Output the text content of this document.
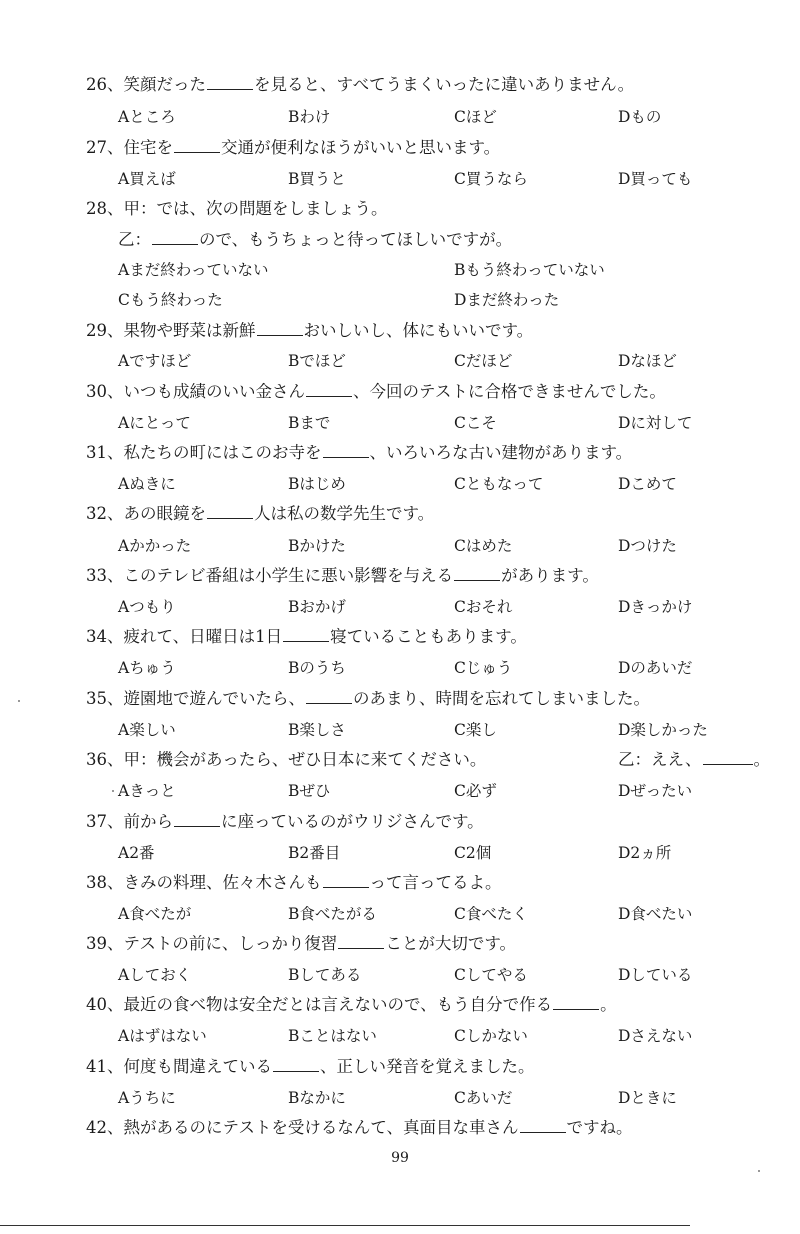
26、笑顔だった	を見ると、すべてうまくいったに違いありません。
Aところ	Bわけ	Cほど	Dもの
27、住宅を	交通が便利なほうがいいと思います。
A買えば	B買うと	C買うなら	D買っても
28、甲：では、次の問題をしましょう。
乙：	ので、もうちょっと待ってほしいですが。
Aまだ終わっていない	Bもう終わっていない
Cもう終わった	Dまだ終わった
29、果物や野菜は新鮮	おいしいし、体にもいいです。
Aですほど	Bでほど	Cだほど	Dなほど
30、いつも成績のいい金さん	、今回のテストに合格できませんでした。
Aにとって	Bまで	Cこそ	Dに対して
31、私たちの町にはこのお寺を	、いろいろな古い建物があります。
Aぬきに	Bはじめ	Cともなって	Dこめて
32、あの眼鏡を	人は私の数学先生です。
Aかかった	Bかけた	Cはめた	Dつけた
33、このテレビ番組は小学生に悪い影響を与える	があります。
Aつもり	Bおかげ	Cおそれ	Dきっかけ
34、疲れて、日曜日は1日	寝ていることもあります。
Aちゅう	Bのうち	Cじゅう	Dのあいだ
35、遊園地で遊んでいたら、	のあまり、時間を忘れてしまいました。
A楽しい	B楽しさ	C楽し	D楽しかった
36、甲：機会があったら、ぜひ日本に来てください。	乙：ええ、	。
Aきっと	Bぜひ	C必ず	Dぜったい
37、前から	に座っているのがウリジさんです。
A2番	B2番目	C2個	D2ヵ所
38、きみの料理、佐々木さんも	って言ってるよ。
A食べたが	B食べたがる	C食べたく	D食べたい
39、テストの前に、しっかり復習	ことが大切です。
Aしておく	Bしてある	Cしてやる	Dしている
40、最近の食べ物は安全だとは言えないので、もう自分で作る	。
Aはずはない	Bことはない	Cしかない	Dさえない
41、何度も間違えている	、正しい発音を覚えました。
Aうちに	Bなかに	Cあいだ	Dときに
42、熱があるのにテストを受けるなんて、真面目な車さん	ですね。
99
